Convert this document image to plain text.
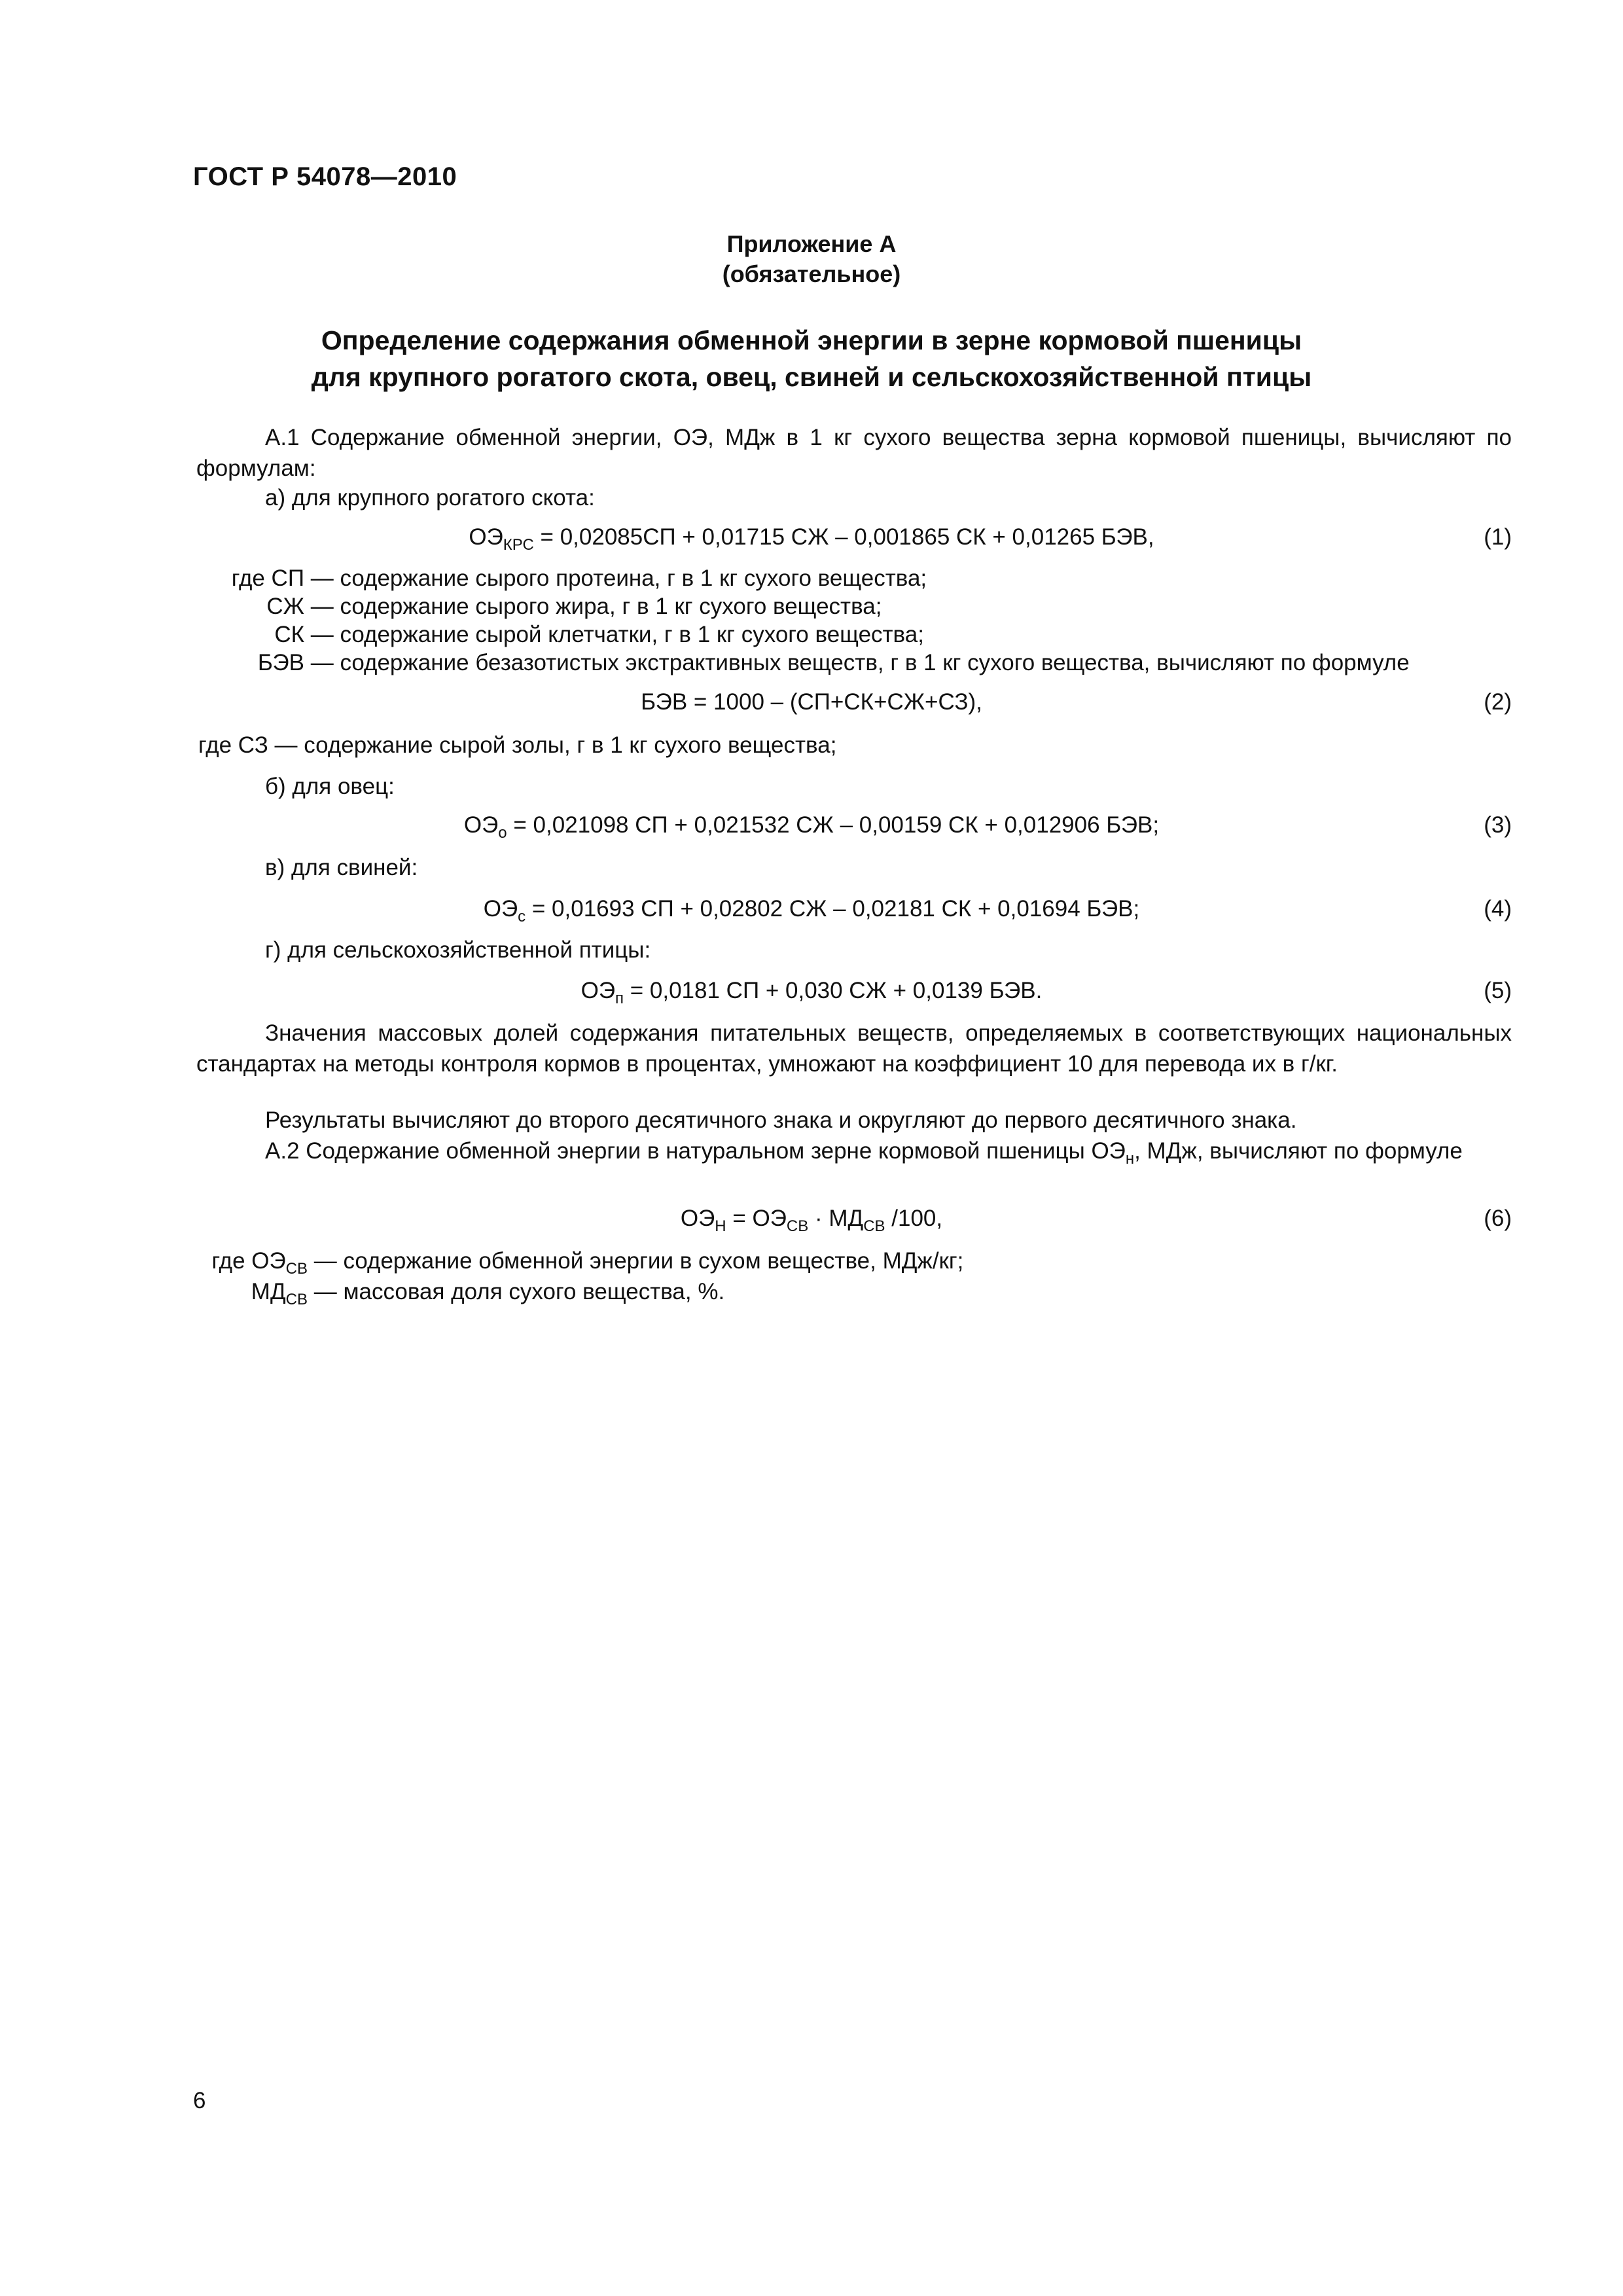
ГОСТ Р 54078—2010
Приложение А
(обязательное)
Определение содержания обменной энергии в зерне кормовой пшеницы
для крупного рогатого скота, овец, свиней и сельскохозяйственной птицы
А.1 Содержание обменной энергии, ОЭ, МДж в 1 кг сухого вещества зерна кормовой пшеницы, вычисляют по формулам:
а) для крупного рогатого скота:
$ОЭ_{КРС} = 0,02085СП + 0,01715$ СЖ – 0,001865 СК + 0,01265 БЭВ,	(1)
где СП — содержание сырого протеина, г в 1 кг сухого вещества;
СЖ — содержание сырого жира, г в 1 кг сухого вещества;
СК — содержание сырой клетчатки, г в 1 кг сухого вещества;
БЭВ — содержание безазотистых экстрактивных веществ, г в 1 кг сухого вещества, вычисляют по формуле
БЭВ = 1000 – (СП+СК+СЖ+СЗ),	(2)
где СЗ — содержание сырой золы, г в 1 кг сухого вещества;
б) для овец:
$ОЭ_о = 0,021098$ СП + 0,021532 СЖ – 0,00159 СК + 0,012906 БЭВ;	(3)
в) для свиней:
$ОЭ_с = 0,01693$ СП + 0,02802 СЖ – 0,02181 СК + 0,01694 БЭВ;	(4)
г) для сельскохозяйственной птицы:
$ОЭ_п = 0,0181$ СП + 0,030 СЖ + 0,0139 БЭВ.	(5)
Значения массовых долей содержания питательных веществ, определяемых в соответствующих национальных стандартах на методы контроля кормов в процентах, умножают на коэффициент 10 для перевода их в г/кг.
Результаты вычисляют до второго десятичного знака и округляют до первого десятичного знака.
А.2 Содержание обменной энергии в натуральном зерне кормовой пшеницы $ОЭ_н$, МДж, вычисляют по формуле
$ОЭ_Н = ОЭ_{СВ} \cdot МД_{СВ}$ /100,	(6)
где $ОЭ_{СВ}$ — содержание обменной энергии в сухом веществе, МДж/кг;
$МД_{СВ}$ — массовая доля сухого вещества, %.
6
